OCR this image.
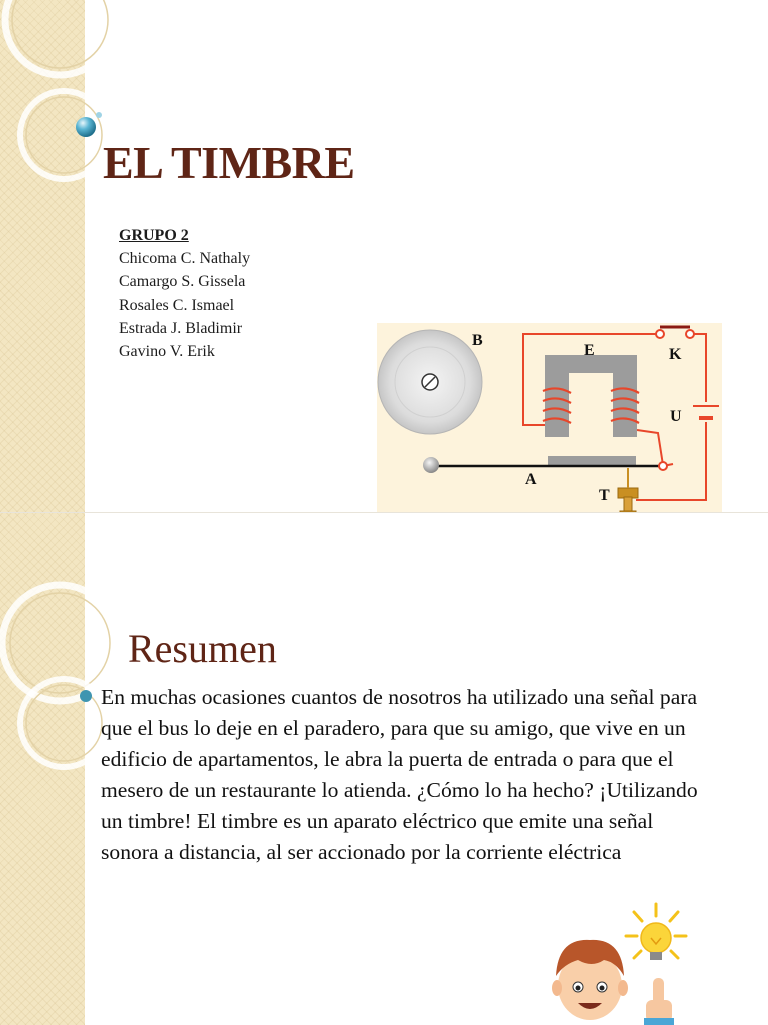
EL TIMBRE
GRUPO 2
Chicoma C. Nathaly
Camargo S. Gissela
Rosales C. Ismael
Estrada J. Bladimir
Gavino V. Erik
B
E	K
U
A
T
Resumen

En muchas ocasiones cuantos de nosotros ha utilizado una señal para que el bus lo deje en el paradero, para que su amigo, que vive en un edificio de apartamentos, le abra la puerta de entrada o para que el mesero de un restaurante lo atienda. ¿Cómo lo ha hecho? ¡Utilizando un timbre! El timbre es un aparato eléctrico que emite una señal sonora a distancia, al ser accionado por la corriente eléctrica
